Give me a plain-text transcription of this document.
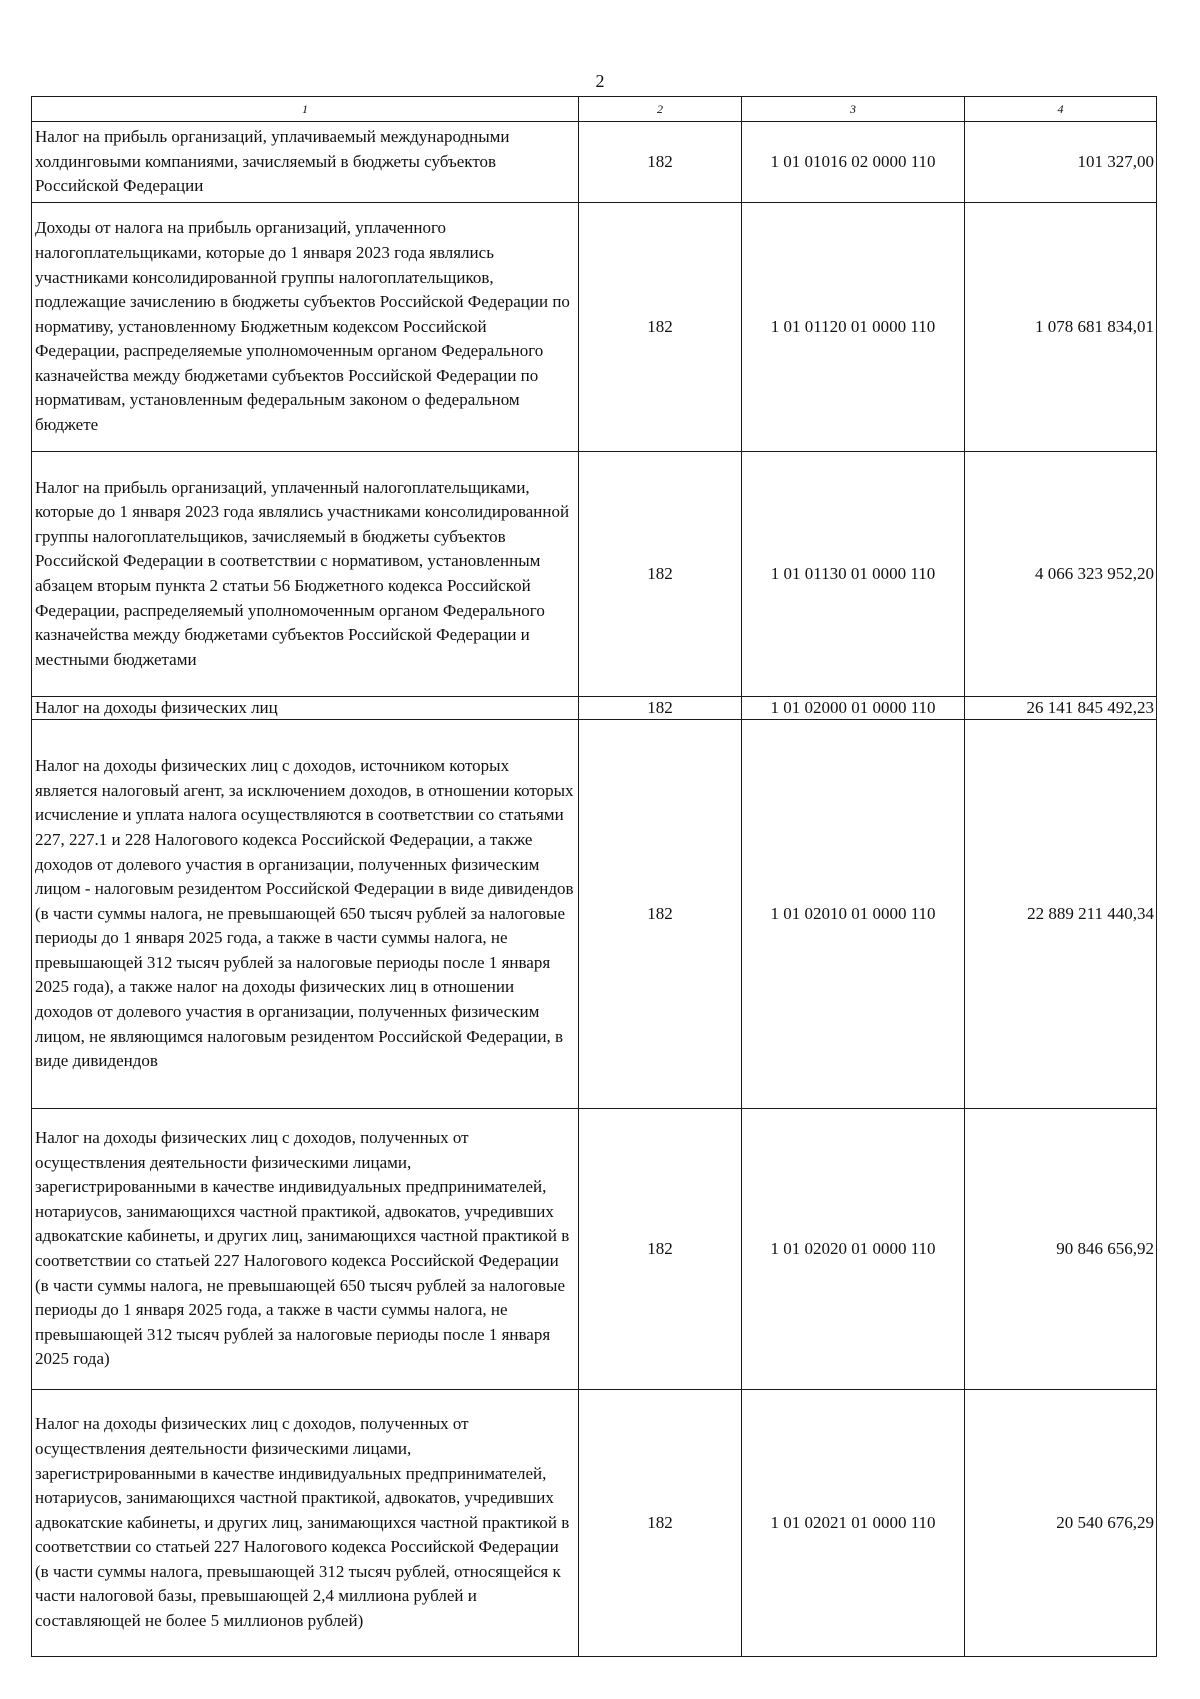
2
1	2	3	4
Налог на прибыль организаций, уплачиваемый международными холдинговыми компаниями, зачисляемый в бюджеты субъектов Российской Федерации	182	1 01 01016 02 0000 110	101 327,00
Доходы от налога на прибыль организаций, уплаченного налогоплательщиками, которые до 1 января 2023 года являлись участниками консолидированной группы налогоплательщиков, подлежащие зачислению в бюджеты субъектов Российской Федерации по нормативу, установленному Бюджетным кодексом Российской Федерации, распределяемые уполномоченным органом Федерального казначейства между бюджетами субъектов Российской Федерации по нормативам, установленным федеральным законом о федеральном бюджете	182	1 01 01120 01 0000 110	1 078 681 834,01
Налог на прибыль организаций, уплаченный налогоплательщиками, которые до 1 января 2023 года являлись участниками консолидированной группы налогоплательщиков, зачисляемый в бюджеты субъектов Российской Федерации в соответствии с нормативом, установленным абзацем вторым пункта 2 статьи 56 Бюджетного кодекса Российской Федерации, распределяемый уполномоченным органом Федерального казначейства между бюджетами субъектов Российской Федерации и местными бюджетами	182	1 01 01130 01 0000 110	4 066 323 952,20
Налог на доходы физических лиц	182	1 01 02000 01 0000 110	26 141 845 492,23
Налог на доходы физических лиц с доходов, источником которых является налоговый агент, за исключением доходов, в отношении которых исчисление и уплата налога осуществляются в соответствии со статьями 227, 227.1 и 228 Налогового кодекса Российской Федерации, а также доходов от долевого участия в организации, полученных физическим лицом - налоговым резидентом Российской Федерации в виде дивидендов (в части суммы налога, не превышающей 650 тысяч рублей за налоговые периоды до 1 января 2025 года, а также в части суммы налога, не превышающей 312 тысяч рублей за налоговые периоды после 1 января 2025 года), а также налог на доходы физических лиц в отношении доходов от долевого участия в организации, полученных физическим лицом, не являющимся налоговым резидентом Российской Федерации, в виде дивидендов	182	1 01 02010 01 0000 110	22 889 211 440,34
Налог на доходы физических лиц с доходов, полученных от осуществления деятельности физическими лицами, зарегистрированными в качестве индивидуальных предпринимателей, нотариусов, занимающихся частной практикой, адвокатов, учредивших адвокатские кабинеты, и других лиц, занимающихся частной практикой в соответствии со статьей 227 Налогового кодекса Российской Федерации (в части суммы налога, не превышающей 650 тысяч рублей за налоговые периоды до 1 января 2025 года, а также в части суммы налога, не превышающей 312 тысяч рублей за налоговые периоды после 1 января 2025 года)	182	1 01 02020 01 0000 110	90 846 656,92
Налог на доходы физических лиц с доходов, полученных от осуществления деятельности физическими лицами, зарегистрированными в качестве индивидуальных предпринимателей, нотариусов, занимающихся частной практикой, адвокатов, учредивших адвокатские кабинеты, и других лиц, занимающихся частной практикой в соответствии со статьей 227 Налогового кодекса Российской Федерации (в части суммы налога, превышающей 312 тысяч рублей, относящейся к части налоговой базы, превышающей 2,4 миллиона рублей и составляющей не более 5 миллионов рублей)	182	1 01 02021 01 0000 110	20 540 676,29
